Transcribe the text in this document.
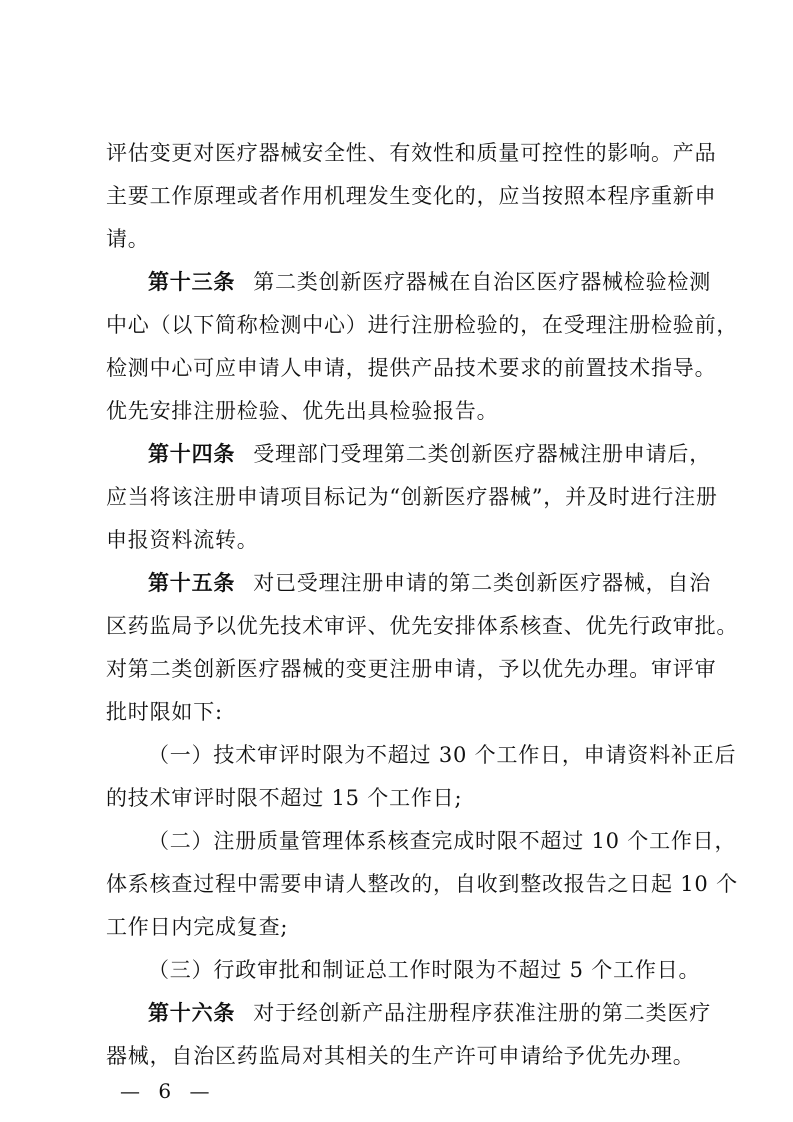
评估变更对医疗器械安全性、有效性和质量可控性的影响。产品
主要工作原理或者作用机理发生变化的，应当按照本程序重新申
请。
第十三条 第二类创新医疗器械在自治区医疗器械检验检测
中心（以下简称检测中心）进行注册检验的，在受理注册检验前，
检测中心可应申请人申请，提供产品技术要求的前置技术指导。
优先安排注册检验、优先出具检验报告。
第十四条 受理部门受理第二类创新医疗器械注册申请后，
应当将该注册申请项目标记为“创新医疗器械”，并及时进行注册
申报资料流转。
第十五条 对已受理注册申请的第二类创新医疗器械，自治
区药监局予以优先技术审评、优先安排体系核查、优先行政审批。
对第二类创新医疗器械的变更注册申请，予以优先办理。审评审
批时限如下:
（一）技术审评时限为不超过 30 个工作日，申请资料补正后
的技术审评时限不超过 15 个工作日;
（二）注册质量管理体系核查完成时限不超过 10 个工作日，
体系核查过程中需要申请人整改的，自收到整改报告之日起 10 个
工作日内完成复查;
（三）行政审批和制证总工作时限为不超过 5 个工作日。
第十六条 对于经创新产品注册程序获准注册的第二类医疗
器械，自治区药监局对其相关的生产许可申请给予优先办理。
— 6 —
